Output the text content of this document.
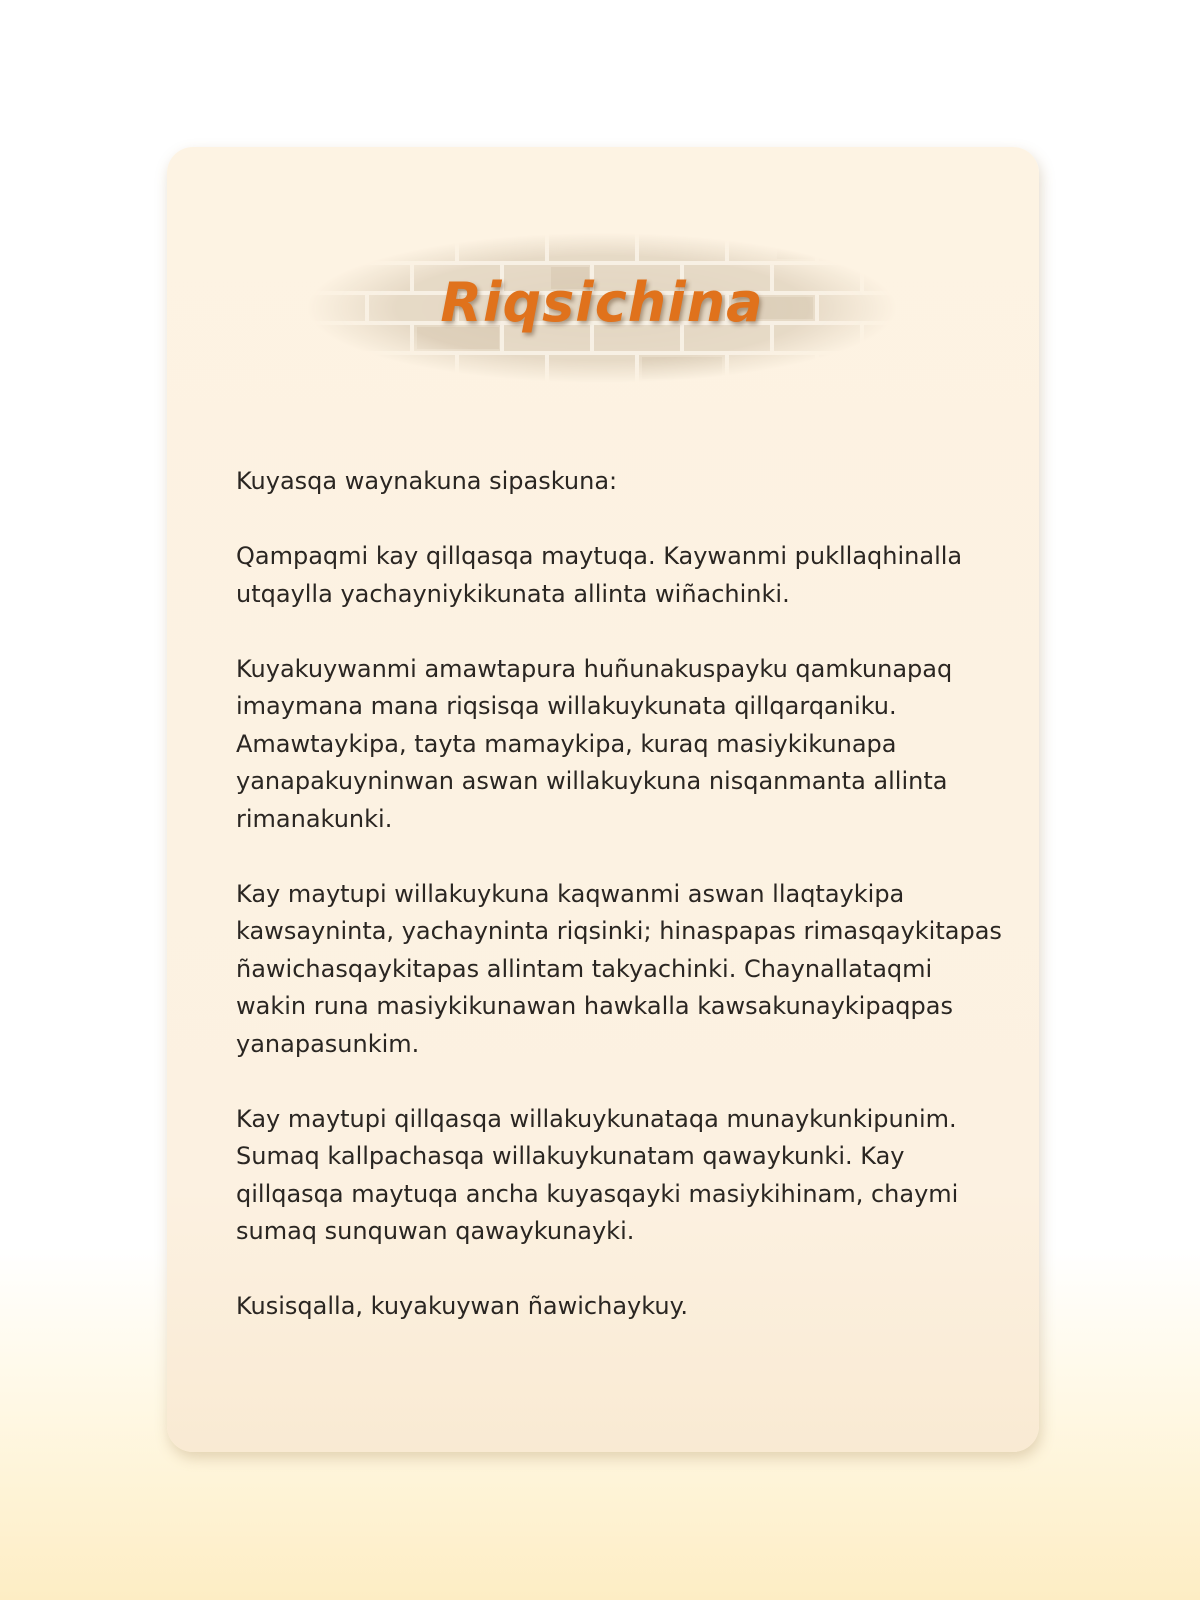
Riqsichina

Kuyasqa waynakuna sipaskuna:

Qampaqmi kay qillqasqa maytuqa. Kaywanmi pukllaqhinalla utqaylla yachayniykikunata allinta wiñachinki.

Kuyakuywanmi amawtapura huñunakuspayku qamkunapaq imaymana mana riqsisqa willakuykunata qillqarqaniku. Amawtaykipa, tayta mamaykipa, kuraq masiykikunapa yanapakuyninwan aswan willakuykuna nisqanmanta allinta rimanakunki.

Kay maytupi willakuykuna kaqwanmi aswan llaqtaykipa kawsayninta, yachayninta riqsinki; hinaspapas rimasqaykitapas ñawichasqaykitapas allintam takyachinki. Chaynallataqmi wakin runa masiykikunawan hawkalla kawsakunaykipaqpas yanapasunkim.

Kay maytupi qillqasqa willakuykunataqa munaykunkipunim. Sumaq kallpachasqa willakuykunatam qawaykunki. Kay qillqasqa maytuqa ancha kuyasqayki masiykihinam, chaymi sumaq sunquwan qawaykunayki.

Kusisqalla, kuyakuywan ñawichaykuy.
